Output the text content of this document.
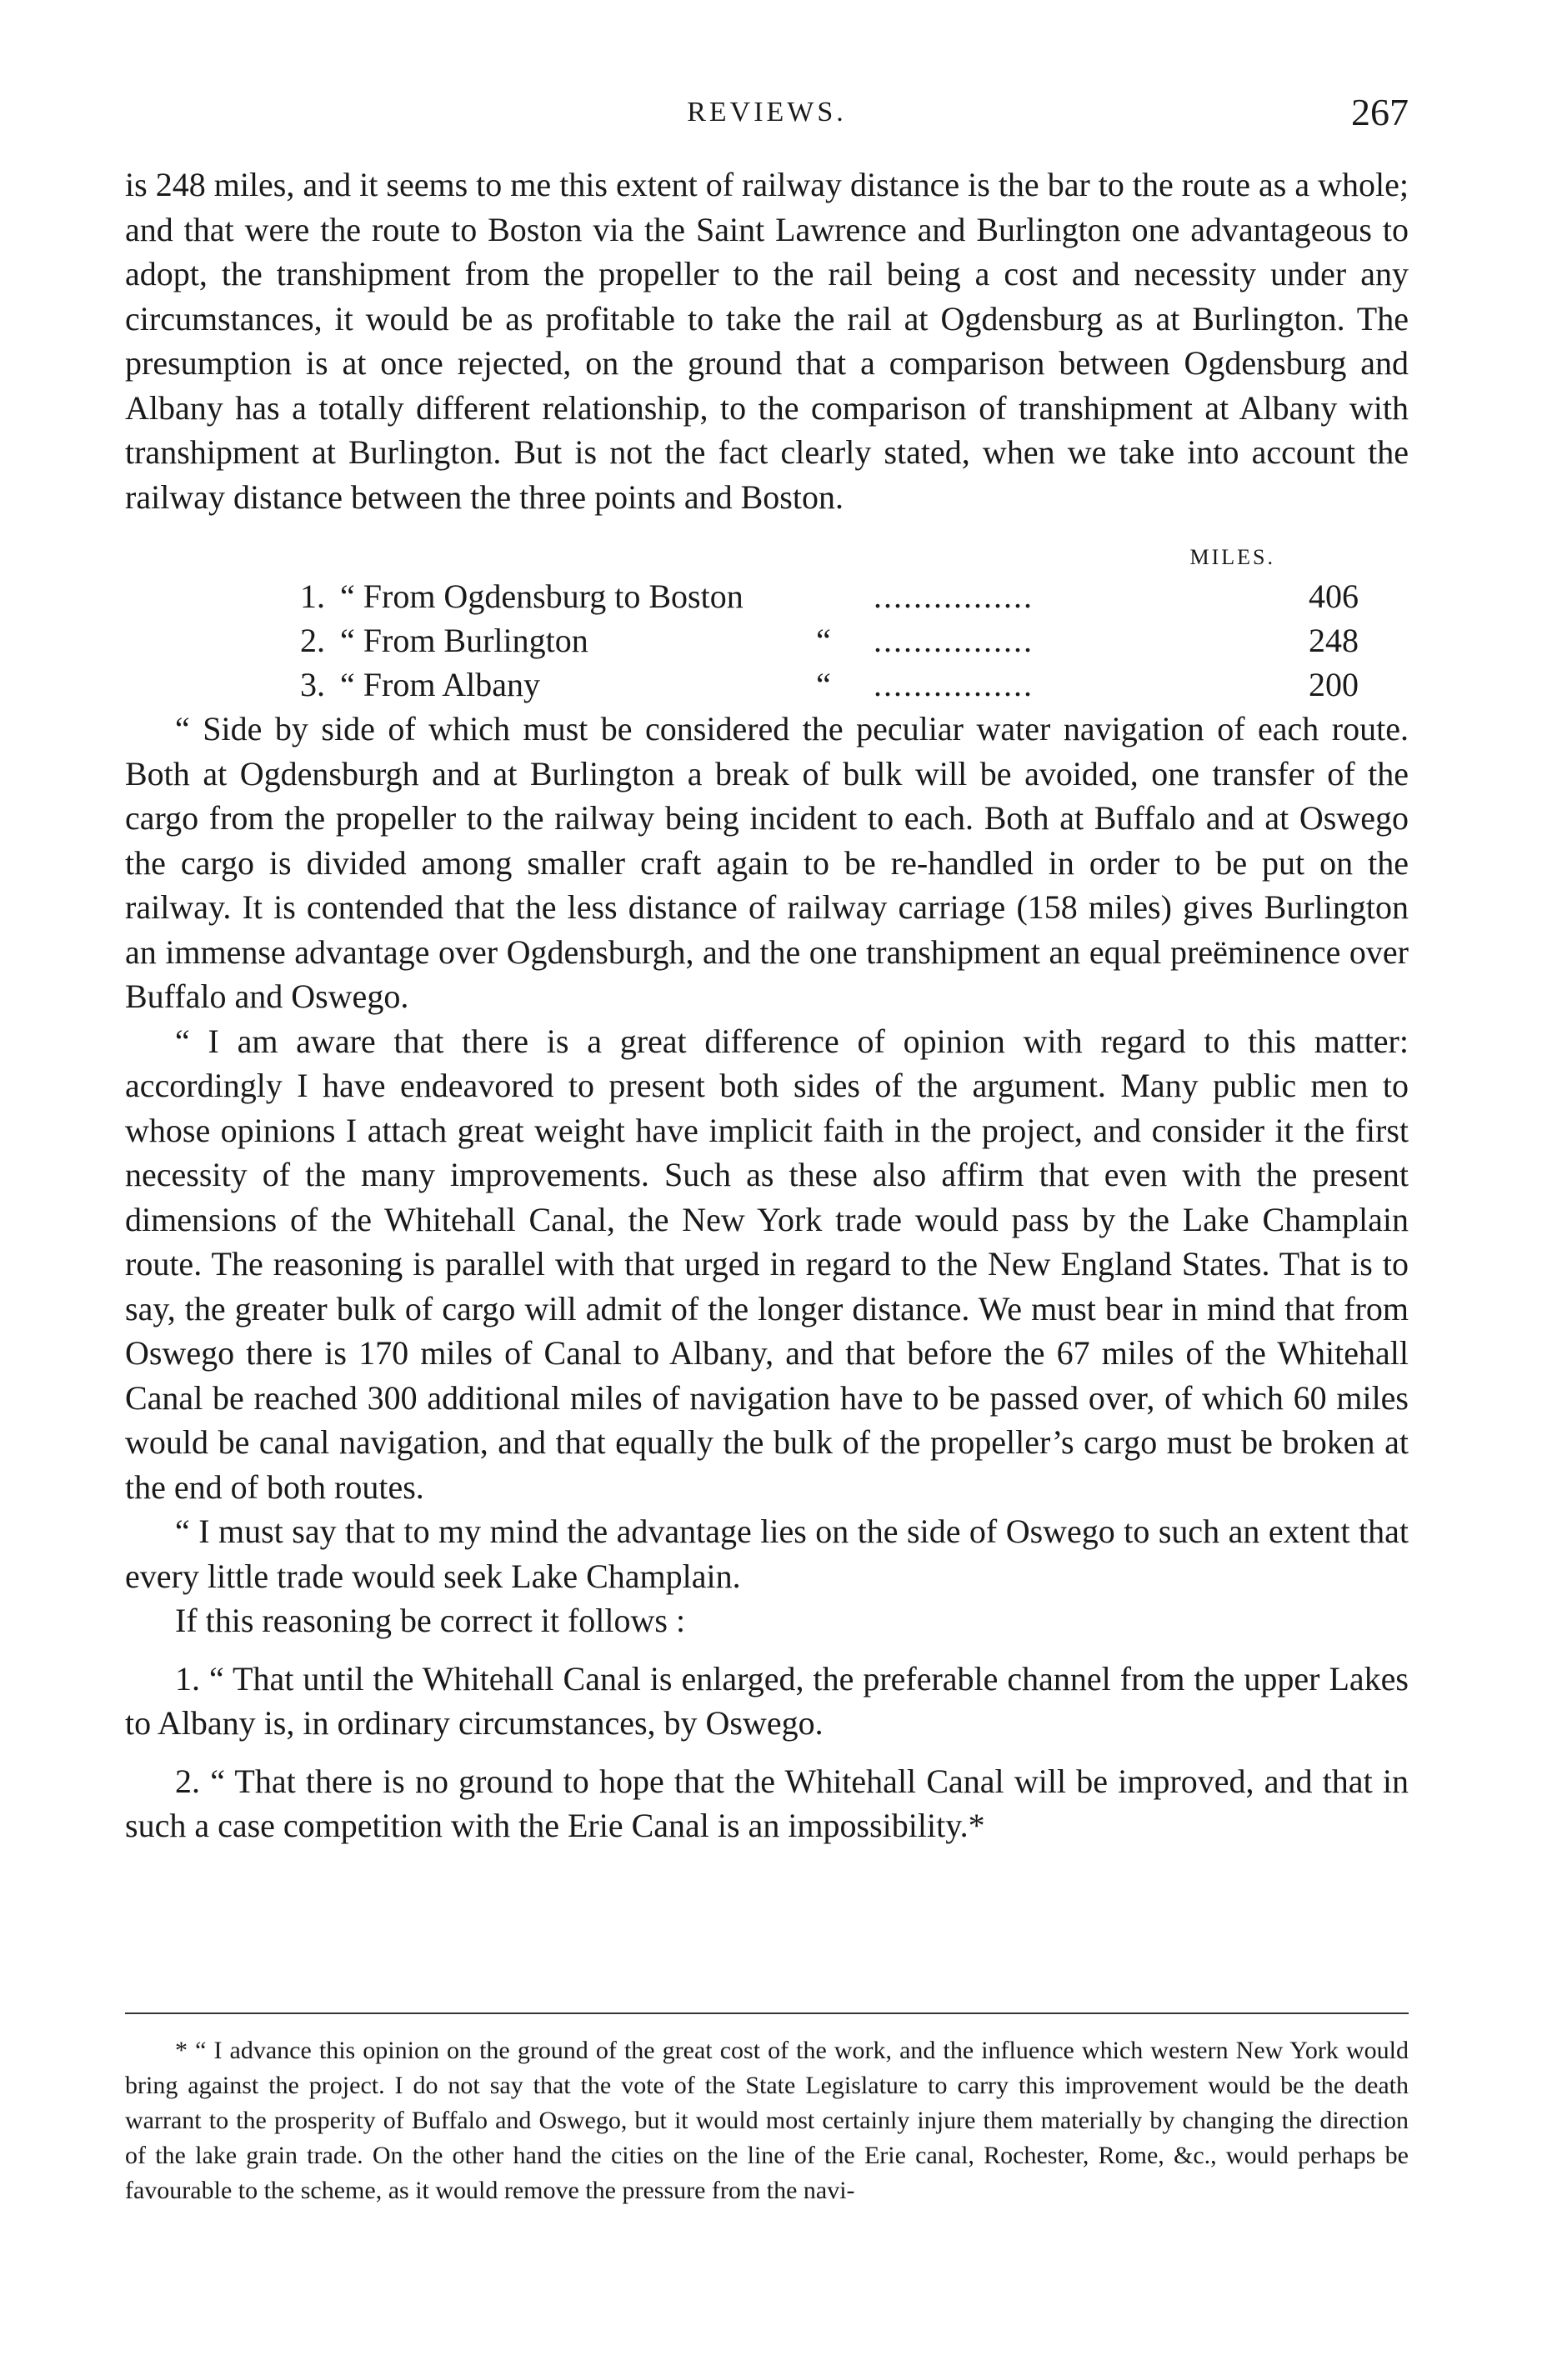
REVIEWS.	267

is 248 miles, and it seems to me this extent of railway distance is the bar to the route as a whole; and that were the route to Boston via the Saint Lawrence and Burlington one advantageous to adopt, the transhipment from the propeller to the rail being a cost and necessity under any circumstances, it would be as profitable to take the rail at Ogdensburg as at Burlington. The presumption is at once rejected, on the ground that a comparison between Ogdensburg and Albany has a totally different relationship, to the comparison of transhipment at Albany with transhipment at Burlington. But is not the fact clearly stated, when we take into account the railway distance between the three points and Boston.

MILES.
1. “ From Ogdensburg to Boston	................	406
2. “ From Burlington	“	................	248
3. “ From Albany	“	................	200

“ Side by side of which must be considered the peculiar water navigation of each route. Both at Ogdensburgh and at Burlington a break of bulk will be avoided, one transfer of the cargo from the propeller to the railway being incident to each. Both at Buffalo and at Oswego the cargo is divided among smaller craft again to be re-handled in order to be put on the railway. It is contended that the less distance of railway carriage (158 miles) gives Burlington an immense advantage over Ogdensburgh, and the one transhipment an equal preëminence over Buffalo and Oswego.

“ I am aware that there is a great difference of opinion with regard to this matter: accordingly I have endeavored to present both sides of the argument. Many public men to whose opinions I attach great weight have implicit faith in the project, and consider it the first necessity of the many improvements. Such as these also affirm that even with the present dimensions of the Whitehall Canal, the New York trade would pass by the Lake Champlain route. The reasoning is parallel with that urged in regard to the New England States. That is to say, the greater bulk of cargo will admit of the longer distance. We must bear in mind that from Oswego there is 170 miles of Canal to Albany, and that before the 67 miles of the Whitehall Canal be reached 300 additional miles of navigation have to be passed over, of which 60 miles would be canal navigation, and that equally the bulk of the propeller’s cargo must be broken at the end of both routes.

“ I must say that to my mind the advantage lies on the side of Oswego to such an extent that every little trade would seek Lake Champlain.

If this reasoning be correct it follows :

1. “ That until the Whitehall Canal is enlarged, the preferable channel from the upper Lakes to Albany is, in ordinary circumstances, by Oswego.

2. “ That there is no ground to hope that the Whitehall Canal will be improved, and that in such a case competition with the Erie Canal is an impossibility.*

* “ I advance this opinion on the ground of the great cost of the work, and the influence which western New York would bring against the project. I do not say that the vote of the State Legislature to carry this improvement would be the death warrant to the prosperity of Buffalo and Oswego, but it would most certainly injure them materially by changing the direction of the lake grain trade. On the other hand the cities on the line of the Erie canal, Rochester, Rome, &c., would perhaps be favourable to the scheme, as it would remove the pressure from the navi-
